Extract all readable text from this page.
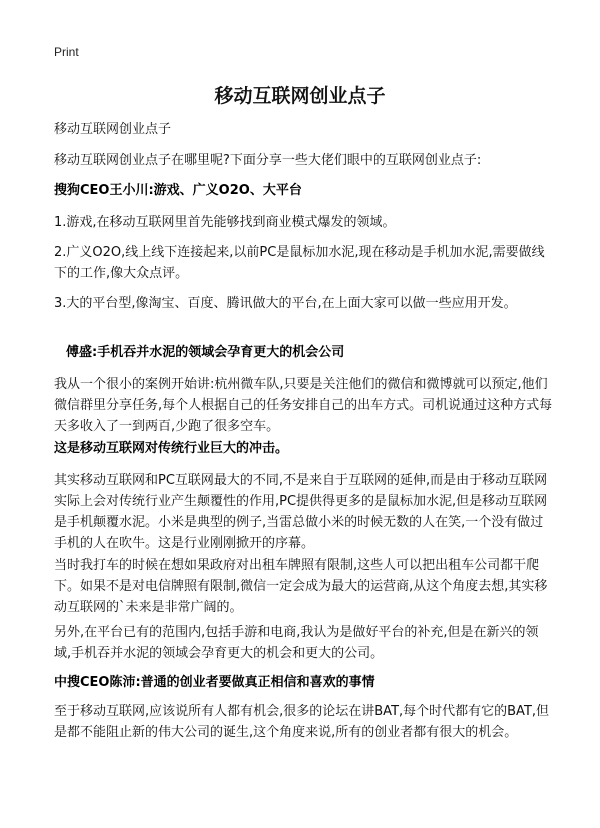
Print
移动互联网创业点子

移动互联网创业点子

移动互联网创业点子在哪里呢?下面分享一些大佬们眼中的互联网创业点子:

搜狗CEO王小川:游戏、广义O2O、大平台

1.游戏,在移动互联网里首先能够找到商业模式爆发的领域。

2.广义O2O,线上线下连接起来,以前PC是鼠标加水泥,现在移动是手机加水泥,需要做线下的工作,像大众点评。

3.大的平台型,像淘宝、百度、腾讯做大的平台,在上面大家可以做一些应用开发。

傅盛:手机吞并水泥的领域会孕育更大的机会公司

我从一个很小的案例开始讲:杭州微车队,只要是关注他们的微信和微博就可以预定,他们微信群里分享任务,每个人根据自己的任务安排自己的出车方式。司机说通过这种方式每天多收入了一到两百,少跑了很多空车。

这是移动互联网对传统行业巨大的冲击。

其实移动互联网和PC互联网最大的不同,不是来自于互联网的延伸,而是由于移动互联网实际上会对传统行业产生颠覆性的作用,PC提供得更多的是鼠标加水泥,但是移动互联网是手机颠覆水泥。小米是典型的例子,当雷总做小米的时候无数的人在笑,一个没有做过手机的人在吹牛。这是行业刚刚掀开的序幕。

当时我打车的时候在想如果政府对出租车牌照有限制,这些人可以把出租车公司都干爬下。如果不是对电信牌照有限制,微信一定会成为最大的运营商,从这个角度去想,其实移动互联网的`未来是非常广阔的。

另外,在平台已有的范围内,包括手游和电商,我认为是做好平台的补充,但是在新兴的领域,手机吞并水泥的领域会孕育更大的机会和更大的公司。

中搜CEO陈沛:普通的创业者要做真正相信和喜欢的事情

至于移动互联网,应该说所有人都有机会,很多的论坛在讲BAT,每个时代都有它的BAT,但是都不能阻止新的伟大公司的诞生,这个角度来说,所有的创业者都有很大的机会。
